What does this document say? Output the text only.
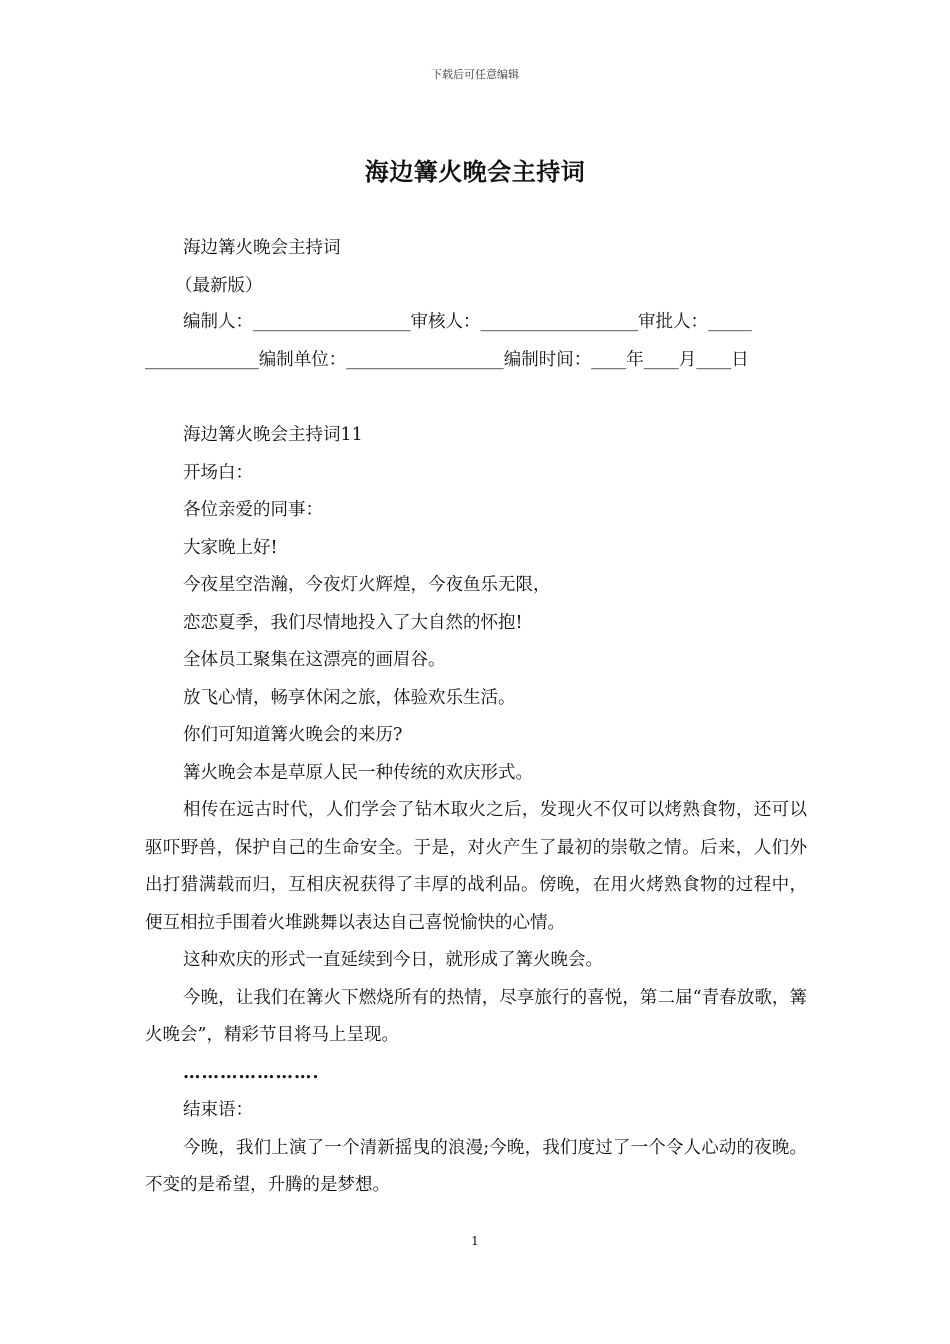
下载后可任意编辑
海边篝火晚会主持词
海边篝火晚会主持词
（最新版）
编制人：__________________审核人：__________________审批人：_____
_____________编制单位：__________________编制时间：____年____月____日
海边篝火晚会主持词11
开场白：
各位亲爱的同事：
大家晚上好!
今夜星空浩瀚，今夜灯火辉煌，今夜鱼乐无限，
恋恋夏季，我们尽情地投入了大自然的怀抱!
全体员工聚集在这漂亮的画眉谷。
放飞心情，畅享休闲之旅，体验欢乐生活。
你们可知道篝火晚会的来历?
篝火晚会本是草原人民一种传统的欢庆形式。
相传在远古时代，人们学会了钻木取火之后，发现火不仅可以烤熟食物，还可以驱吓野兽，保护自己的生命安全。于是，对火产生了最初的崇敬之情。后来，人们外出打猎满载而归，互相庆祝获得了丰厚的战利品。傍晚，在用火烤熟食物的过程中，便互相拉手围着火堆跳舞以表达自己喜悦愉快的心情。
这种欢庆的形式一直延续到今日，就形成了篝火晚会。
今晚，让我们在篝火下燃烧所有的热情，尽享旅行的喜悦，第二届“青春放歌，篝火晚会”，精彩节目将马上呈现。
………………….
结束语：
今晚，我们上演了一个清新摇曳的浪漫;今晚，我们度过了一个令人心动的夜晚。不变的是希望，升腾的是梦想。
1
